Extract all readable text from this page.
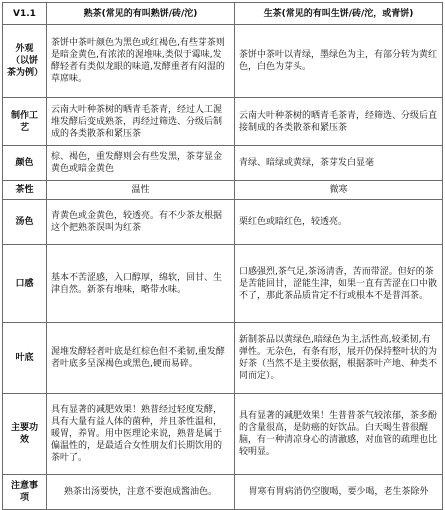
V1.1	熟茶(常见的有叫熟饼/砖/沱)	生茶(常见的有叫生饼/砖/沱，或青饼)
外观（以饼茶为例）	茶饼中茶叶颜色为黑色或红褐色,有些芽茶则是暗金黄色,有浓浓的渥堆味,类似于霉味,发酵轻者有类似龙眼的味道,发酵重者有闷湿的草席味。	茶饼中茶叶以青绿，墨绿色为主，有部分转为黄红色，白色为芽头。
制作工艺	云南大叶种茶树的晒青毛茶青，经过人工渥堆发酵后变成熟茶，再经过筛选、分级后制成的各类散茶和紧压茶	云南大叶种茶树的晒青毛茶青，经筛选、分级后直接制成的各类散茶和紧压茶
颜色	棕、褐色，重发酵则会有些发黑，茶芽显金黄色或暗金黄色	青绿、暗绿或黄绿，茶芽发白显毫
茶性	温性	微寒
汤色	青黄色或金黄色，较透亮。有不少茶友根据这个把熟茶误叫为红茶	栗红色或暗红色，较透亮。
口感	基本不苦涩感，入口醇厚，绵软，回甘、生津自然。新茶有堆味，略带水味。	口感强烈,茶气足,茶汤清香，苦而带涩。但好的茶是苦能回甘，涩能生津，如果一直有苦涩在口中散不了，那此茶品质肯定不行或根本不是普洱茶。
叶底	渥堆发酵轻者叶底是红棕色但不柔韧,重发酵者叶底多呈深褐色或黑色,硬而易碎。	新制茶品以黄绿色,暗绿色为主,活性高,较柔韧,有弹性。无杂色，有条有形，展开仍保持整叶状的为好茶（当然不是主要依据，根据茶叶产地、种类不同而定）。
主要功效	具有显著的减肥效果！熟普经过轻度发酵，具有大量有益人体的菌种，并且茶性温和，暖胃，养胃。用中医理论来说，熟普是属于偏温性的，是最适合女性朋友们长期饮用的茶叶了。	具有显著的减肥效果！生普普茶气较浓郁，茶多酚的含量很高，是防癌的好饮品。白天喝生普很醒脑，有一种清凉身心的清澈感，对血管的疏理也比较明显。
注意事项	熟茶出汤要快，注意不要泡成酱油色。	胃寒有胃病消仍空腹喝，要少喝，老生茶除外
